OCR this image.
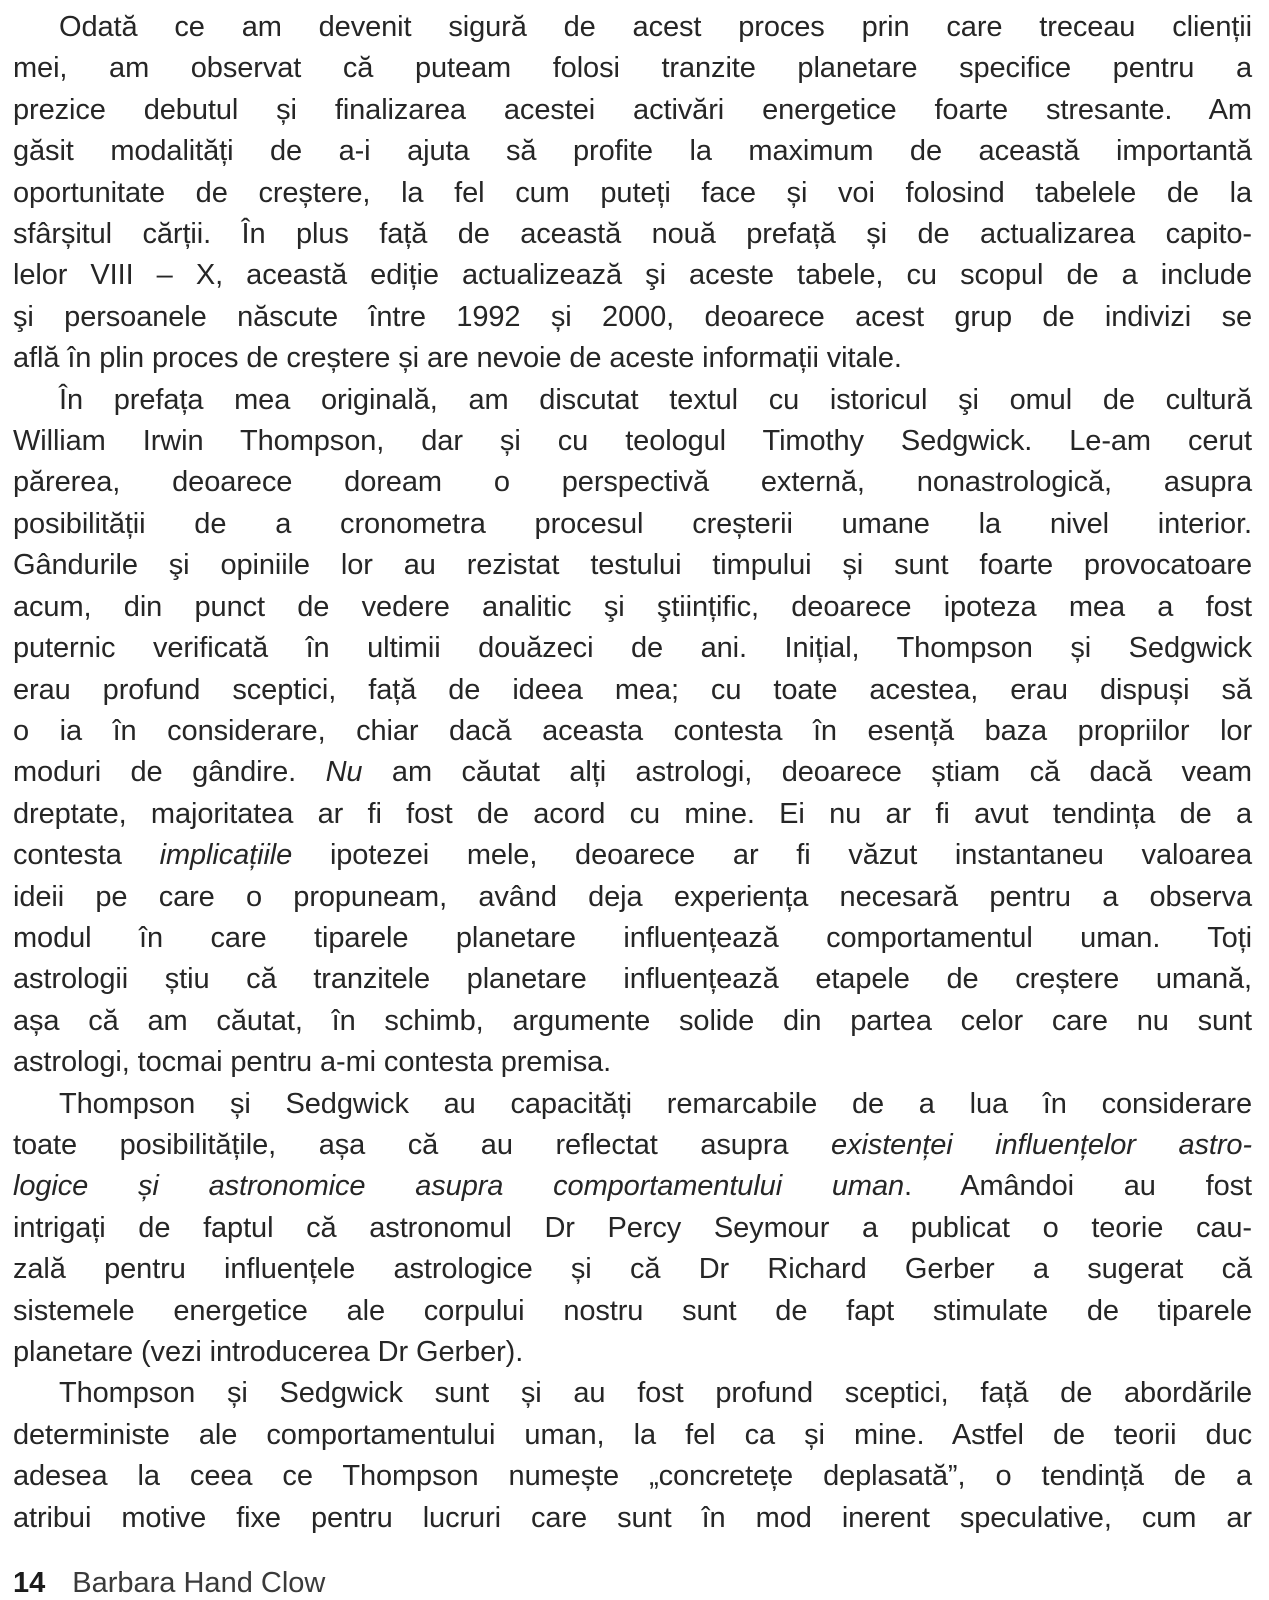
Odată ce am devenit sigură de acest proces prin care treceau clienții
mei, am observat că puteam folosi tranzite planetare specifice pentru a
prezice debutul și finalizarea acestei activări energetice foarte stresante. Am
găsit modalități de a-i ajuta să profite la maximum de această importantă
oportunitate de creștere, la fel cum puteți face și voi folosind tabelele de la
sfârșitul cărții. În plus față de această nouă prefață și de actualizarea capito-
lelor VIII – X, această ediție actualizează şi aceste tabele, cu scopul de a include
şi persoanele născute între 1992 și 2000, deoarece acest grup de indivizi se
află în plin proces de creștere și are nevoie de aceste informații vitale.
În prefața mea originală, am discutat textul cu istoricul şi omul de cultură
William Irwin Thompson, dar și cu teologul Timothy Sedgwick. Le-am cerut
părerea, deoarece doream o perspectivă externă, nonastrologică, asupra
posibilității de a cronometra procesul creșterii umane la nivel interior.
Gândurile şi opiniile lor au rezistat testului timpului și sunt foarte provocatoare
acum, din punct de vedere analitic şi ştiințific, deoarece ipoteza mea a fost
puternic verificată în ultimii douăzeci de ani. Inițial, Thompson și Sedgwick
erau profund sceptici, față de ideea mea; cu toate acestea, erau dispuși să
o ia în considerare, chiar dacă aceasta contesta în esență baza propriilor lor
moduri de gândire. Nu am căutat alți astrologi, deoarece știam că dacă veam
dreptate, majoritatea ar fi fost de acord cu mine. Ei nu ar fi avut tendința de a
contesta implicațiile ipotezei mele, deoarece ar fi văzut instantaneu valoarea
ideii pe care o propuneam, având deja experiența necesară pentru a observa
modul în care tiparele planetare influențează comportamentul uman. Toți
astrologii știu că tranzitele planetare influențează etapele de creștere umană,
așa că am căutat, în schimb, argumente solide din partea celor care nu sunt
astrologi, tocmai pentru a-mi contesta premisa.
Thompson și Sedgwick au capacități remarcabile de a lua în considerare
toate posibilitățile, așa că au reflectat asupra existenței influențelor astro-
logice și astronomice asupra comportamentului uman. Amândoi au fost
intrigați de faptul că astronomul Dr Percy Seymour a publicat o teorie cau-
zală pentru influențele astrologice și că Dr Richard Gerber a sugerat că
sistemele energetice ale corpului nostru sunt de fapt stimulate de tiparele
planetare (vezi introducerea Dr Gerber).
Thompson și Sedgwick sunt și au fost profund sceptici, față de abordările
deterministe ale comportamentului uman, la fel ca și mine. Astfel de teorii duc
adesea la ceea ce Thompson numește „concretețe deplasată”, o tendință de a
atribui motive fixe pentru lucruri care sunt în mod inerent speculative, cum ar
14 Barbara Hand Clow
